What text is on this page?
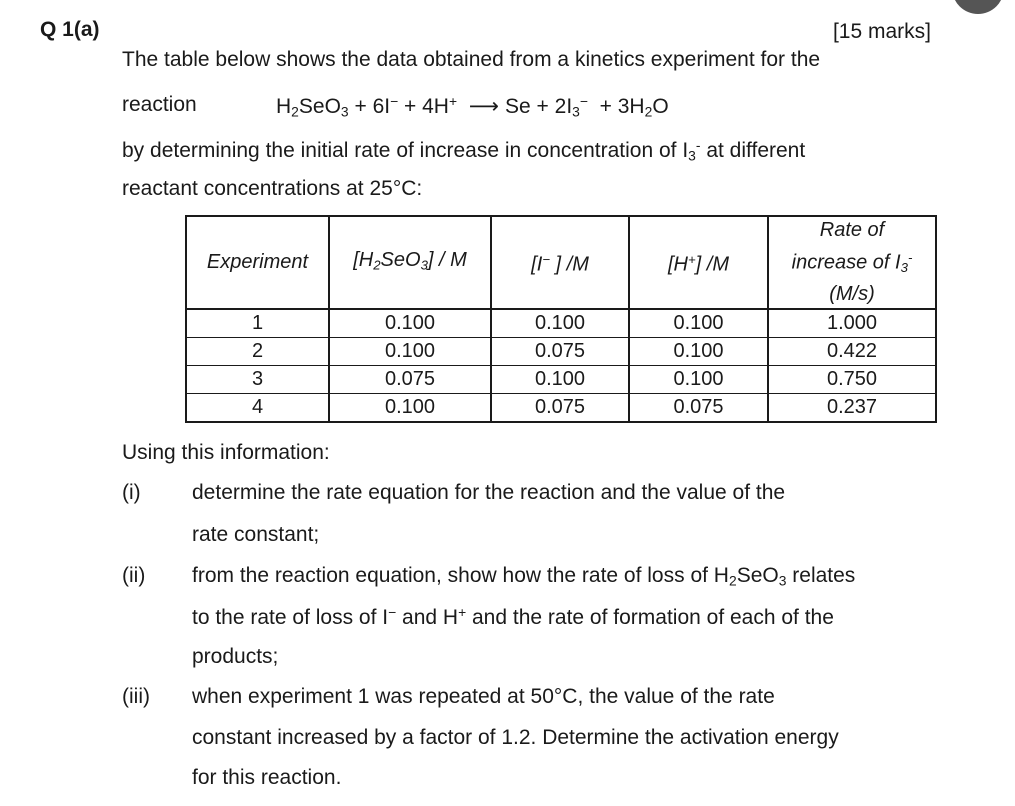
Q 1(a)	[15 marks]
The table below shows the data obtained from a kinetics experiment for the
reaction	$H_2SeO_3 + 6I^- + 4H^+$ ⟶ $Se + 2I_3^- + 3H_2O$
by determining the initial rate of increase in concentration of $I_3^-$ at different
reactant concentrations at 25°C:
Experiment	$[H_2SeO_3]$ / M	[I− ] /M	[H+] /M	Rate of
increase of $I_3^-$
(M/s)
1	0.100	0.100	0.100	1.000
2	0.100	0.075	0.100	0.422
3	0.075	0.100	0.100	0.750
4	0.100	0.075	0.075	0.237
Using this information:
(i) determine the rate equation for the reaction and the value of the
rate constant;
(ii) from the reaction equation, show how the rate of loss of $H_2SeO_3$ relates
to the rate of loss of I− and H+ and the rate of formation of each of the
products;
(iii) when experiment 1 was repeated at 50°C, the value of the rate
constant increased by a factor of 1.2. Determine the activation energy
for this reaction.
